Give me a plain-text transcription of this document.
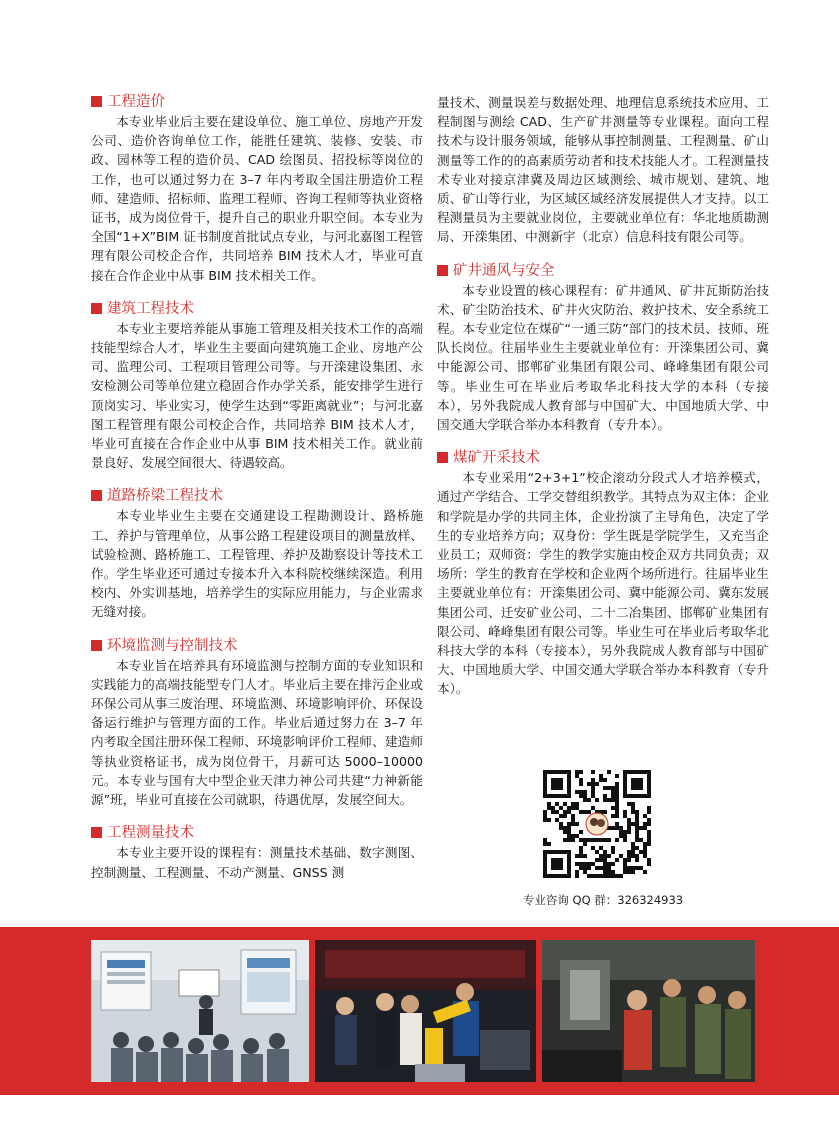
工程造价

本专业毕业后主要在建设单位、施工单位、房地产开发公司、造价咨询单位工作，能胜任建筑、装修、安装、市政、园林等工程的造价员、CAD 绘图员、招投标等岗位的工作，也可以通过努力在 3–7 年内考取全国注册造价工程师、建造师、招标师、监理工程师、咨询工程师等执业资格证书，成为岗位骨干，提升自己的职业升职空间。本专业为全国“1+X”BIM 证书制度首批试点专业，与河北嘉图工程管理有限公司校企合作，共同培养 BIM 技术人才，毕业可直接在合作企业中从事 BIM 技术相关工作。

建筑工程技术

本专业主要培养能从事施工管理及相关技术工作的高端技能型综合人才，毕业生主要面向建筑施工企业、房地产公司、监理公司、工程项目管理公司等。与开滦建设集团、永安检测公司等单位建立稳固合作办学关系，能安排学生进行顶岗实习、毕业实习，使学生达到“零距离就业”；与河北嘉图工程管理有限公司校企合作，共同培养 BIM 技术人才，毕业可直接在合作企业中从事 BIM 技术相关工作。就业前景良好、发展空间很大、待遇较高。

道路桥梁工程技术

本专业毕业生主要在交通建设工程勘测设计、路桥施工、养护与管理单位，从事公路工程建设项目的测量放样、试验检测、路桥施工、工程管理、养护及勘察设计等技术工作。学生毕业还可通过专接本升入本科院校继续深造。利用校内、外实训基地，培养学生的实际应用能力，与企业需求无缝对接。

环境监测与控制技术

本专业旨在培养具有环境监测与控制方面的专业知识和实践能力的高端技能型专门人才。毕业后主要在排污企业或环保公司从事三废治理、环境监测、环境影响评价、环保设备运行维护与管理方面的工作。毕业后通过努力在 3–7 年内考取全国注册环保工程师、环境影响评价工程师、建造师等执业资格证书，成为岗位骨干，月薪可达 5000–10000 元。本专业与国有大中型企业天津力神公司共建“力神新能源”班，毕业可直接在公司就职，待遇优厚，发展空间大。

工程测量技术

本专业主要开设的课程有：测量技术基础、数字测图、控制测量、工程测量、不动产测量、GNSS 测

量技术、测量误差与数据处理、地理信息系统技术应用、工程制图与测绘 CAD、生产矿井测量等专业课程。面向工程技术与设计服务领域，能够从事控制测量、工程测量、矿山测量等工作的的高素质劳动者和技术技能人才。工程测量技术专业对接京津冀及周边区域测绘、城市规划、建筑、地质、矿山等行业，为区域区域经济发展提供人才支持。以工程测量员为主要就业岗位，主要就业单位有：华北地质勘测局、开滦集团、中测新宇（北京）信息科技有限公司等。

矿井通风与安全

本专业设置的核心课程有：矿井通风、矿井瓦斯防治技术、矿尘防治技术、矿井火灾防治、救护技术、安全系统工程。本专业定位在煤矿“一通三防”部门的技术员、技师、班队长岗位。往届毕业生主要就业单位有：开滦集团公司、冀中能源公司、邯郸矿业集团有限公司、峰峰集团有限公司等。毕业生可在毕业后考取华北科技大学的本科（专接本），另外我院成人教育部与中国矿大、中国地质大学、中国交通大学联合举办本科教育（专升本）。

煤矿开采技术

本专业采用“2+3+1”校企滚动分段式人才培养模式，通过产学结合、工学交替组织教学。其特点为双主体：企业和学院是办学的共同主体，企业扮演了主导角色，决定了学生的专业培养方向；双身份：学生既是学院学生，又充当企业员工；双师资：学生的教学实施由校企双方共同负责；双场所：学生的教育在学校和企业两个场所进行。往届毕业生主要就业单位有：开滦集团公司、冀中能源公司、冀东发展集团公司、迁安矿业公司、二十二冶集团、邯郸矿业集团有限公司、峰峰集团有限公司等。毕业生可在毕业后考取华北科技大学的本科（专接本），另外我院成人教育部与中国矿大、中国地质大学、中国交通大学联合举办本科教育（专升本）。

专业咨询 QQ 群：326324933
